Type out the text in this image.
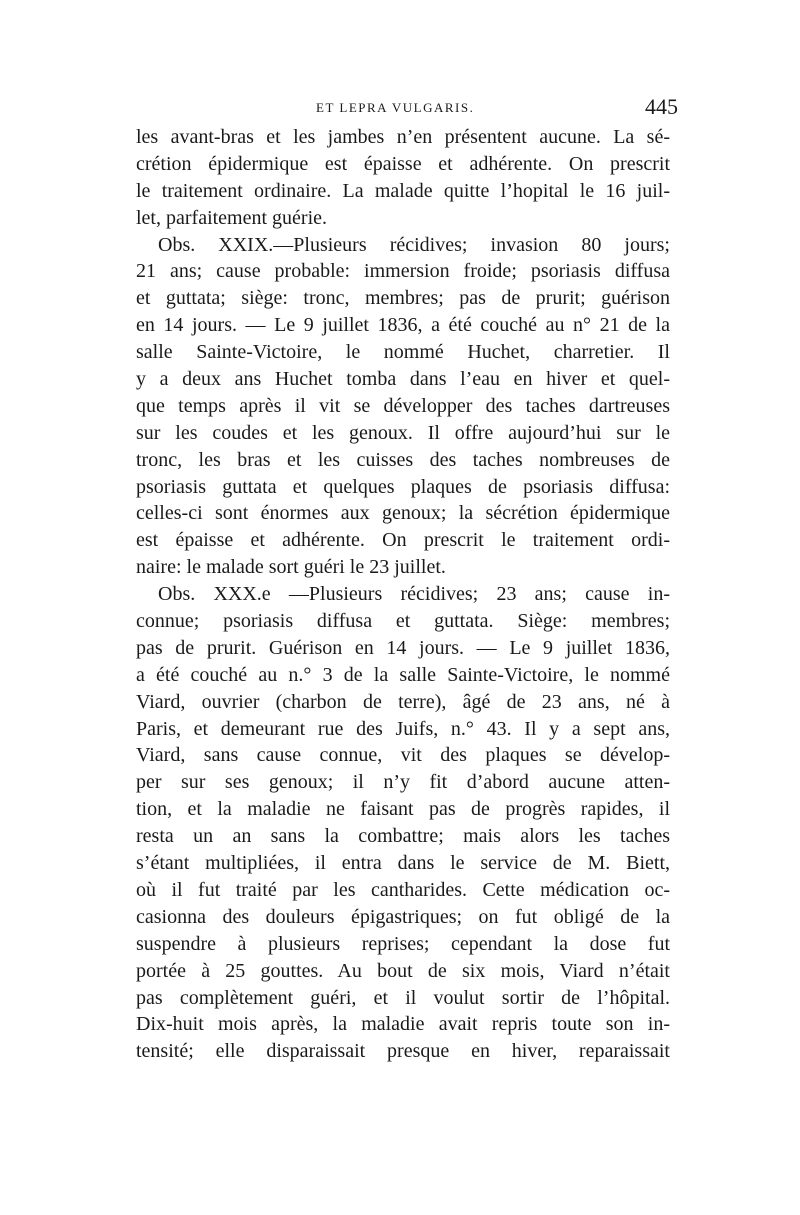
ET LEPRA VULGARIS.	445
les avant-bras et les jambes n’en présentent aucune. La sé-
crétion épidermique est épaisse et adhérente. On prescrit
le traitement ordinaire. La malade quitte l’hopital le 16 juil-
let, parfaitement guérie.
Obs. XXIX.—Plusieurs récidives; invasion 80 jours;
21 ans; cause probable: immersion froide; psoriasis diffusa
et guttata; siège: tronc, membres; pas de prurit; guérison
en 14 jours. — Le 9 juillet 1836, a été couché au n° 21 de la
salle Sainte-Victoire, le nommé Huchet, charretier. Il
y a deux ans Huchet tomba dans l’eau en hiver et quel-
que temps après il vit se développer des taches dartreuses
sur les coudes et les genoux. Il offre aujourd’hui sur le
tronc, les bras et les cuisses des taches nombreuses de
psoriasis guttata et quelques plaques de psoriasis diffusa:
celles-ci sont énormes aux genoux; la sécrétion épidermique
est épaisse et adhérente. On prescrit le traitement ordi-
naire: le malade sort guéri le 23 juillet.
Obs. XXX.e —Plusieurs récidives; 23 ans; cause in-
connue; psoriasis diffusa et guttata. Siège: membres;
pas de prurit. Guérison en 14 jours. — Le 9 juillet 1836,
a été couché au n.° 3 de la salle Sainte-Victoire, le nommé
Viard, ouvrier (charbon de terre), âgé de 23 ans, né à
Paris, et demeurant rue des Juifs, n.° 43. Il y a sept ans,
Viard, sans cause connue, vit des plaques se dévelop-
per sur ses genoux; il n’y fit d’abord aucune atten-
tion, et la maladie ne faisant pas de progrès rapides, il
resta un an sans la combattre; mais alors les taches
s’étant multipliées, il entra dans le service de M. Biett,
où il fut traité par les cantharides. Cette médication oc-
casionna des douleurs épigastriques; on fut obligé de la
suspendre à plusieurs reprises; cependant la dose fut
portée à 25 gouttes. Au bout de six mois, Viard n’était
pas complètement guéri, et il voulut sortir de l’hôpital.
Dix-huit mois après, la maladie avait repris toute son in-
tensité; elle disparaissait presque en hiver, reparaissait
